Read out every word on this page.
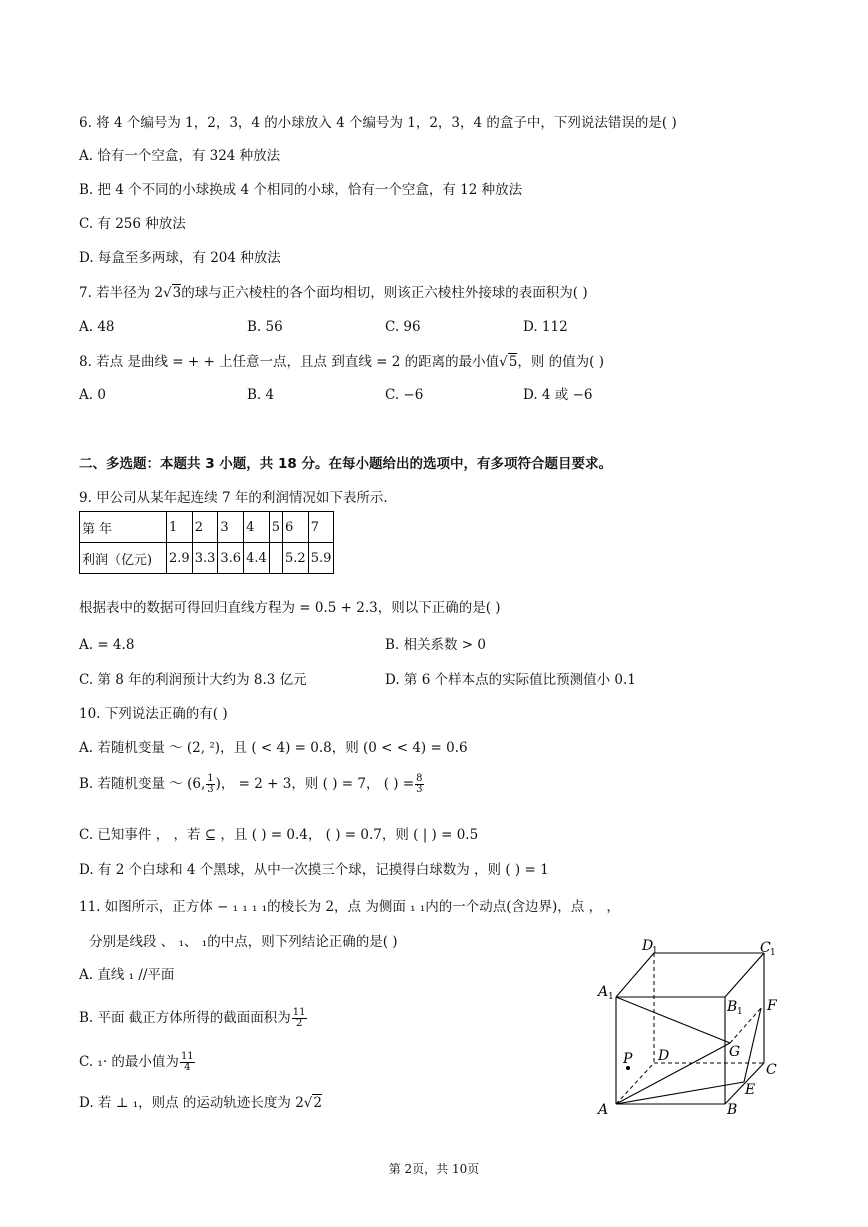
6. 将 4 个编号为 1，2，3，4 的小球放入 4 个编号为 1，2，3，4 的盒子中，下列说法错误的是( )
A. 恰有一个空盒，有 324 种放法
B. 把 4 个不同的小球换成 4 个相同的小球，恰有一个空盒，有 12 种放法
C. 有 256 种放法
D. 每盒至多两球，有 204 种放法
7. 若半径为 2√3的球与正六棱柱的各个面均相切，则该正六棱柱外接球的表面积为( )
A. 48	B. 56	C. 96	D. 112
8. 若点 是曲线 = + + 上任意一点，且点 到直线 = 2 的距离的最小值√5，则 的值为( )
A. 0	B. 4	C. −6	D. 4 或 −6
二、多选题：本题共 3 小题，共 18 分。在每小题给出的选项中，有多项符合题目要求。
9. 甲公司从某年起连续 7 年的利润情况如下表所示.
第 年	1	2	3	4	5	6	7
利润（亿元)	2.9	3.3	3.6	4.4		5.2	5.9
根据表中的数据可得回归直线方程为 = 0.5 + 2.3，则以下正确的是( )
A. = 4.8	B. 相关系数 > 0
C. 第 8 年的利润预计大约为 8.3 亿元	D. 第 6 个样本点的实际值比预测值小 0.1
10. 下列说法正确的有( )
A. 若随机变量 ～ (2, ²)，且 ( < 4) = 0.8，则 (0 < < 4) = 0.6
B. 若随机变量 ～ (6, $\frac{1}{3}$ )， = 2 + 3，则 ( ) = 7， ( ) = $\frac{8}{3}$
C. 已知事件 ， ，若 ⊆ ，且 ( ) = 0.4， ( ) = 0.7，则 ( | ) = 0.5
D. 有 2 个白球和 4 个黑球，从中一次摸三个球，记摸得白球数为 ，则 ( ) = 1
11. 如图所示，正方体 − ₁ ₁ ₁ ₁的棱长为 2，点 为侧面 ₁ ₁内的一个动点(含边界)，点 ， ，
分别是线段 、 ₁、 ₁的中点，则下列结论正确的是( )
A. 直线 ₁ //平面
B. 平面 截正方体所得的截面面积为 $\frac{11}{2}$
C. ₁· 的最小值为 $\frac{11}{4}$
D. 若 ⊥ ₁，则点 的运动轨迹长度为 2√2	A	B
C
D
A 1
B 1
C 1
D
1
E
F
G
P
第 2页，共 10页
